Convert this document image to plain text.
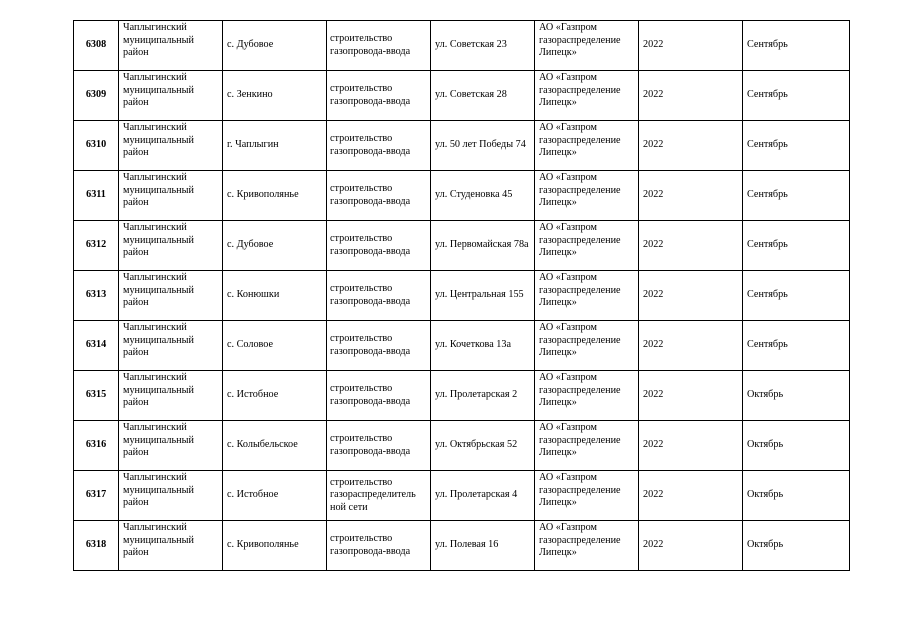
6308	Чаплыгинский муниципальный район	с. Дубовое	строительство газопровода-ввода	ул. Советская 23	АО «Газпром газораспределение Липецк»	2022	Сентябрь

6309	Чаплыгинский муниципальный район	с. Зенкино	строительство газопровода-ввода	ул. Советская 28	АО «Газпром газораспределение Липецк»	2022	Сентябрь

6310	Чаплыгинский муниципальный район	г. Чаплыгин	строительство газопровода-ввода	ул. 50 лет Победы 74	АО «Газпром газораспределение Липецк»	2022	Сентябрь

6311	Чаплыгинский муниципальный район	с. Кривополянье	строительство газопровода-ввода	ул. Студеновка 45	АО «Газпром газораспределение Липецк»	2022	Сентябрь

6312	Чаплыгинский муниципальный район	с. Дубовое	строительство газопровода-ввода	ул. Первомайская 78а	АО «Газпром газораспределение Липецк»	2022	Сентябрь

6313	Чаплыгинский муниципальный район	с. Конюшки	строительство газопровода-ввода	ул. Центральная 155	АО «Газпром газораспределение Липецк»	2022	Сентябрь

6314	Чаплыгинский муниципальный район	с. Соловое	строительство газопровода-ввода	ул. Кочеткова 13а	АО «Газпром газораспределение Липецк»	2022	Сентябрь

6315	Чаплыгинский муниципальный район	с. Истобное	строительство газопровода-ввода	ул. Пролетарская 2	АО «Газпром газораспределение Липецк»	2022	Октябрь

6316	Чаплыгинский муниципальный район	с. Колыбельское	строительство газопровода-ввода	ул. Октябрьская 52	АО «Газпром газораспределение Липецк»	2022	Октябрь

6317	Чаплыгинский муниципальный район	с. Истобное	строительство газораспределитель ной сети	ул. Пролетарская 4	АО «Газпром газораспределение Липецк»	2022	Октябрь

6318	Чаплыгинский муниципальный район	с. Кривополянье	строительство газопровода-ввода	ул. Полевая 16	АО «Газпром газораспределение Липецк»	2022	Октябрь
